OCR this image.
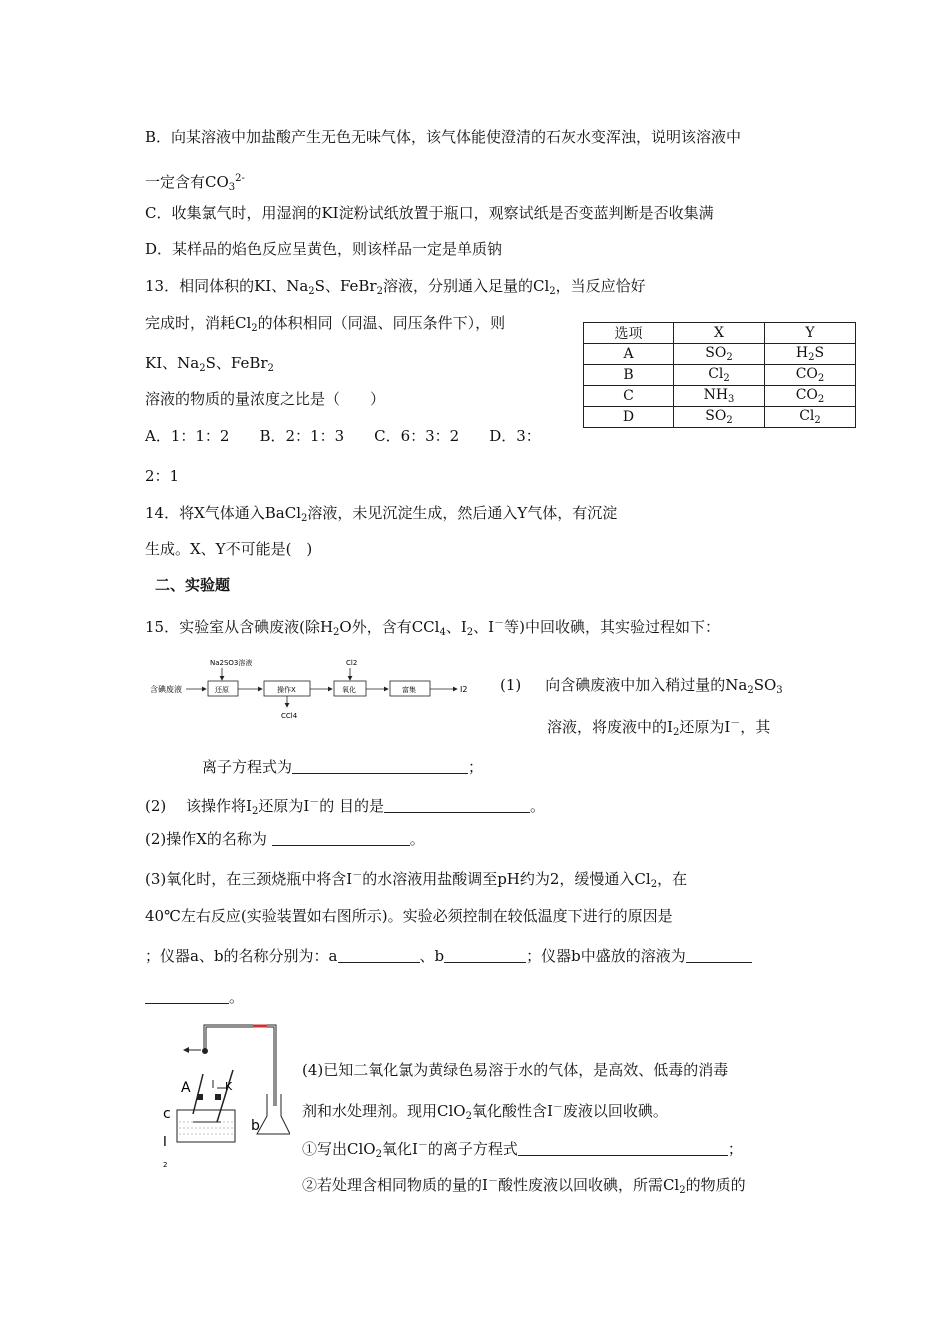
B．向某溶液中加盐酸产生无色无味气体，该气体能使澄清的石灰水变浑浊，说明该溶液中
一定含有$CO_3^{2-}$
C．收集氯气时，用湿润的KI淀粉试纸放置于瓶口，观察试纸是否变蓝判断是否收集满
D．某样品的焰色反应呈黄色，则该样品一定是单质钠
13．相同体积的KI、$Na_2S$、FeBr$_2$溶液，分别通入足量的$Cl_2$，当反应恰好
完成时，消耗$Cl_2$的体积相同（同温、同压条件下），则
KI、$Na_2S$、FeBr$_2$
溶液的物质的量浓度之比是（　　）
A．1：1：2　　B．2：1：3　　C．6：3：2　　D．3：
2：1
选项	X	Y
A	$SO_2$	$H_2S$
B	$Cl_2$	$CO_2$
C	$NH_3$	$CO_2$
D	$SO_2$	$Cl_2$
14．将X气体通入BaCl$_2$溶液，未见沉淀生成，然后通入Y气体，有沉淀
生成。X、Y不可能是(　)
二、实验题
15．实验室从含碘废液(除$H_2O$外，含有CCl$_4$、$I_2$、I－等)中回收碘，其实验过程如下：
含碘废液
Na2SO3溶液
还原	操作X
CCl4
Cl2
氧化	富集	I2 (1) 向含碘废液中加入稍过量的$Na_2SO_3$
溶液，将废液中的$I_2$还原为I－，其
离子方程式为	；
(2)　 该操作将$I_2$还原为I－的 目的是	。
(2)操作X的名称为	。
(3)氧化时，在三颈烧瓶中将含I－的水溶液用盐酸调至pH约为2，缓慢通入$Cl_2$，在
40℃左右反应(实验装置如右图所示)。实验必须控制在较低温度下进行的原因是
；仪器a、b的名称分别为：a	、b	；仪器b中盛放的溶液为
。
A	K
c
I
2
b
(4)已知二氧化氯为黄绿色易溶于水的气体，是高效、低毒的消毒
剂和水处理剂。现用ClO$_2$氧化酸性含I－废液以回收碘。
①写出ClO$_2$氧化I－的离子方程式	；
②若处理含相同物质的量的I－酸性废液以回收碘，所需$Cl_2$的物质的
